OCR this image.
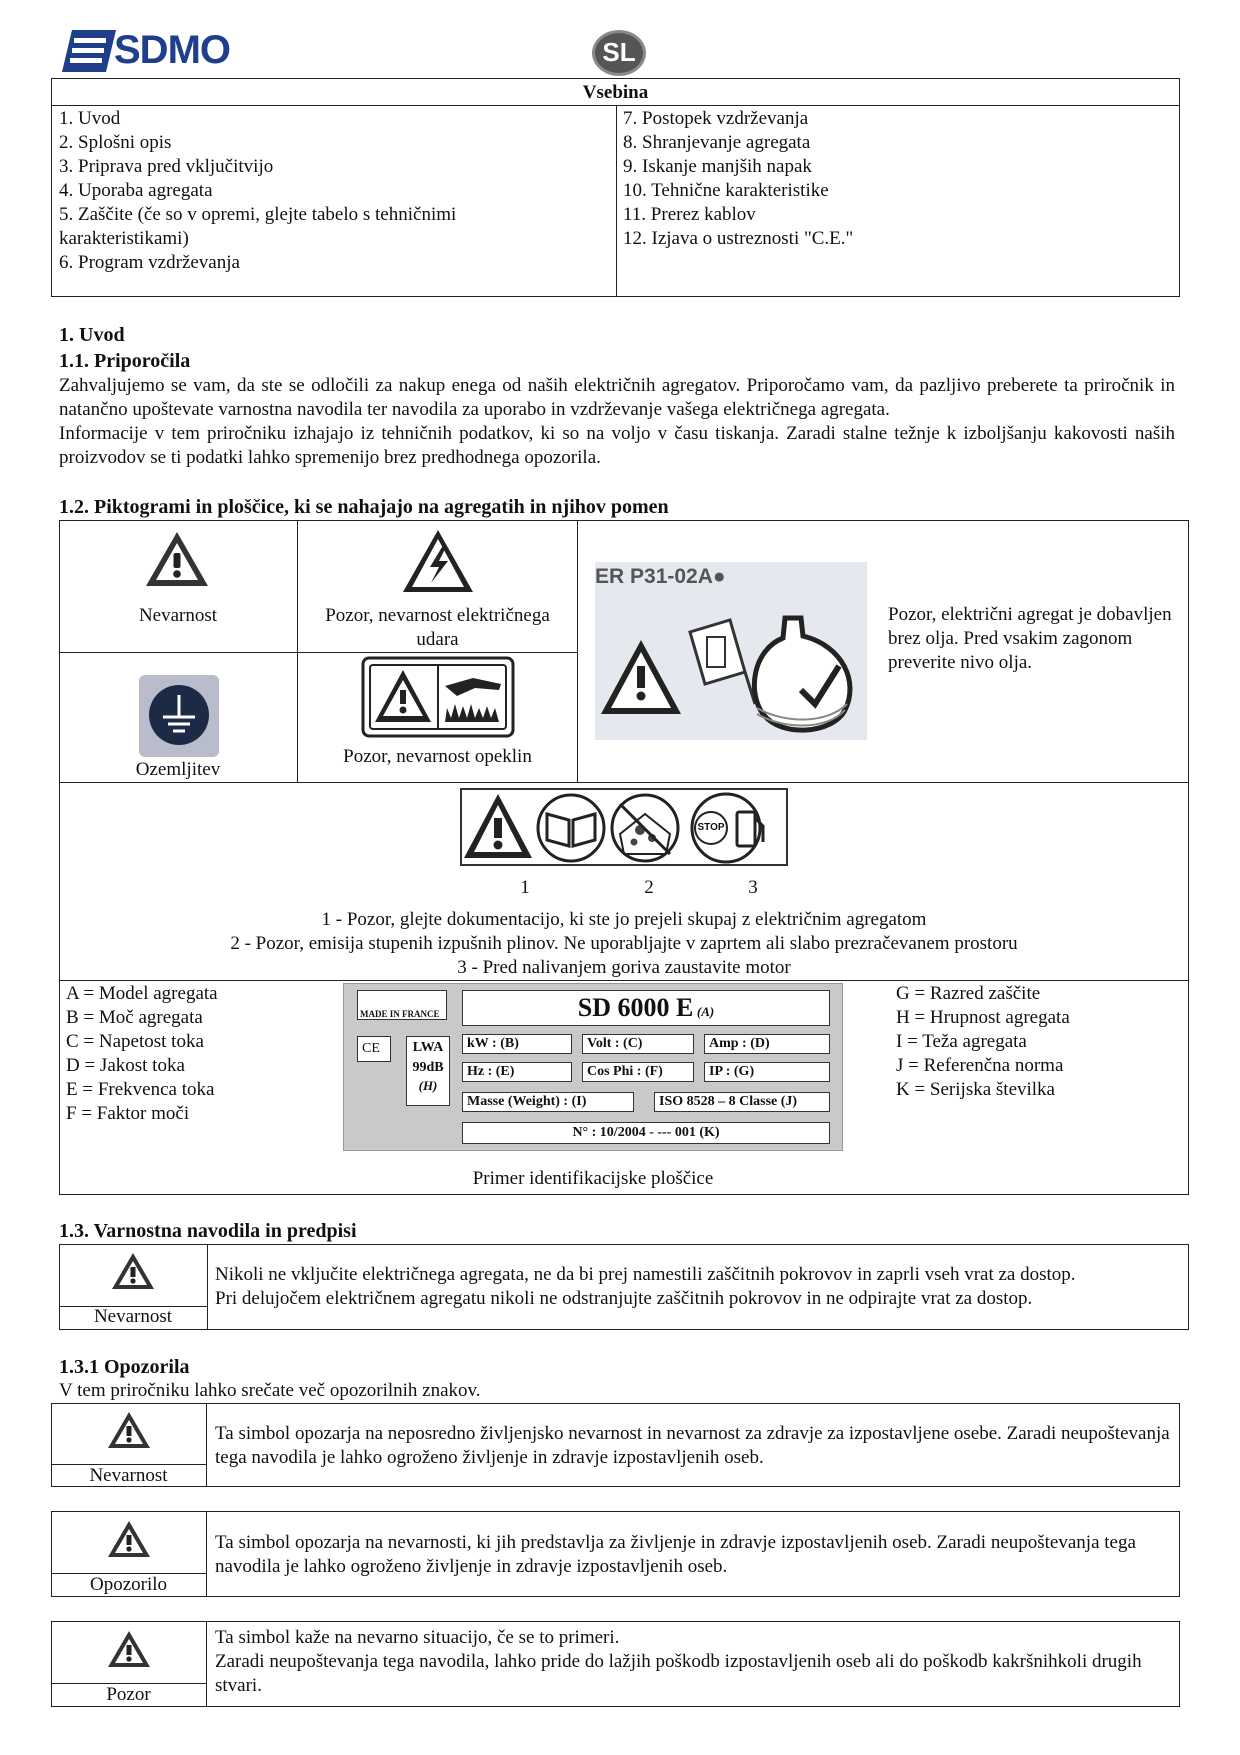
SDMO	SL
Vsebina
1. Uvod
2. Splošni opis
3. Priprava pred vključitvijo
4. Uporaba agregata
5. Zaščite (če so v opremi, glejte tabelo s tehničnimi
karakteristikami)
6. Program vzdrževanja
7. Postopek vzdrževanja
8. Shranjevanje agregata
9. Iskanje manjših napak
10. Tehnične karakteristike
11. Prerez kablov
12. Izjava o ustreznosti "C.E."
1. Uvod
1.1. Priporočila
Zahvaljujemo se vam, da ste se odločili za nakup enega od naših električnih agregatov. Priporočamo vam, da pazljivo preberete ta priročnik in natančno upoštevate varnostna navodila ter navodila za uporabo in vzdrževanje vašega električnega agregata.
Informacije v tem priročniku izhajajo iz tehničnih podatkov, ki so na voljo v času tiskanja. Zaradi stalne težnje k izboljšanju kakovosti naših proizvodov se ti podatki lahko spremenijo brez predhodnega opozorila.
1.2. Piktogrami in ploščice, ki se nahajajo na agregatih in njihov pomen
Nevarnost	Pozor, nevarnost električnega udara
Ozemljitev
Pozor, nevarnost opeklin
ER P31-02A●
Pozor, električni agregat je dobavljen brez olja. Pred vsakim zagonom preverite nivo olja.
STOP
1	2	3
1 - Pozor, glejte dokumentacijo, ki ste jo prejeli skupaj z električnim agregatom
2 - Pozor, emisija stupenih izpušnih plinov. Ne uporabljajte v zaprtem ali slabo prezračevanem prostoru
3 - Pred nalivanjem goriva zaustavite motor
A = Model agregata
B = Moč agregata
C = Napetost toka
D = Jakost toka
E = Frekvenca toka
F = Faktor moči
G = Razred zaščite
H = Hrupnost agregata
I = Teža agregata
J = Referenčna norma
K = Serijska številka
MADE IN FRANCE	SD 6000 E (A)
CE	LWA
99dB
(H)
kW : (B)	Volt : (C)	Amp : (D)
Hz : (E)	Cos Phi : (F)	IP : (G)
Masse (Weight) : (I)	ISO 8528 – 8 Classe (J)
N° : 10/2004 - --- 001 (K)
Primer identifikacijske ploščice
1.3. Varnostna navodila in predpisi
Nevarnost
Nikoli ne vključite električnega agregata, ne da bi prej namestili zaščitnih pokrovov in zaprli vseh vrat za dostop.
Pri delujočem električnem agregatu nikoli ne odstranjujte zaščitnih pokrovov in ne odpirajte vrat za dostop.
1.3.1 Opozorila
V tem priročniku lahko srečate več opozorilnih znakov.
Nevarnost
Ta simbol opozarja na neposredno življenjsko nevarnost in nevarnost za zdravje za izpostavljene osebe. Zaradi neupoštevanja tega navodila je lahko ogroženo življenje in zdravje izpostavljenih oseb.
Opozorilo
Ta simbol opozarja na nevarnosti, ki jih predstavlja za življenje in zdravje izpostavljenih oseb. Zaradi neupoštevanja tega navodila je lahko ogroženo življenje in zdravje izpostavljenih oseb.
Pozor
Ta simbol kaže na nevarno situacijo, če se to primeri.
Zaradi neupoštevanja tega navodila, lahko pride do lažjih poškodb izpostavljenih oseb ali do poškodb kakršnihkoli drugih stvari.
